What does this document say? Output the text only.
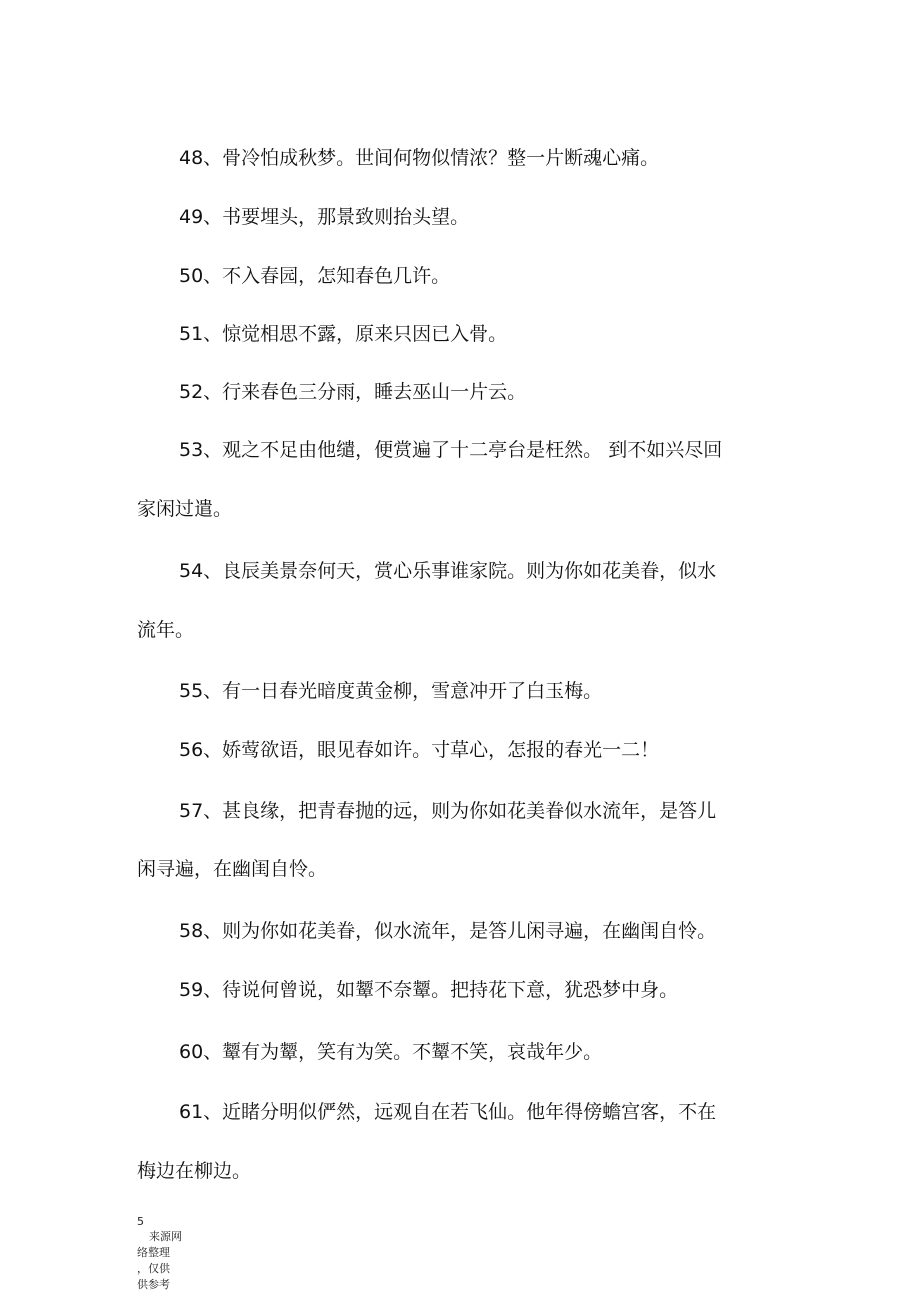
48、骨冷怕成秋梦。世间何物似情浓？整一片断魂心痛。

49、书要埋头，那景致则抬头望。

50、不入春园，怎知春色几许。

51、惊觉相思不露，原来只因已入骨。

52、行来春色三分雨，睡去巫山一片云。

53、观之不足由他缱，便赏遍了十二亭台是枉然。 到不如兴尽回

家闲过遣。

54、良辰美景奈何天，赏心乐事谁家院。则为你如花美眷，似水

流年。

55、有一日春光暗度黄金柳，雪意冲开了白玉梅。

56、娇莺欲语，眼见春如许。寸草心，怎报的春光一二！

57、甚良缘，把青春抛的远，则为你如花美眷似水流年，是答儿

闲寻遍，在幽闺自怜。

58、则为你如花美眷，似水流年，是答儿闲寻遍，在幽闺自怜。

59、待说何曾说，如颦不奈颦。把持花下意，犹恐梦中身。

60、颦有为颦，笑有为笑。不颦不笑，哀哉年少。

61、近睹分明似俨然，远观自在若飞仙。他年得傍蟾宫客，不在

梅边在柳边。

5
来源网
络整理
，仅供
供参考
